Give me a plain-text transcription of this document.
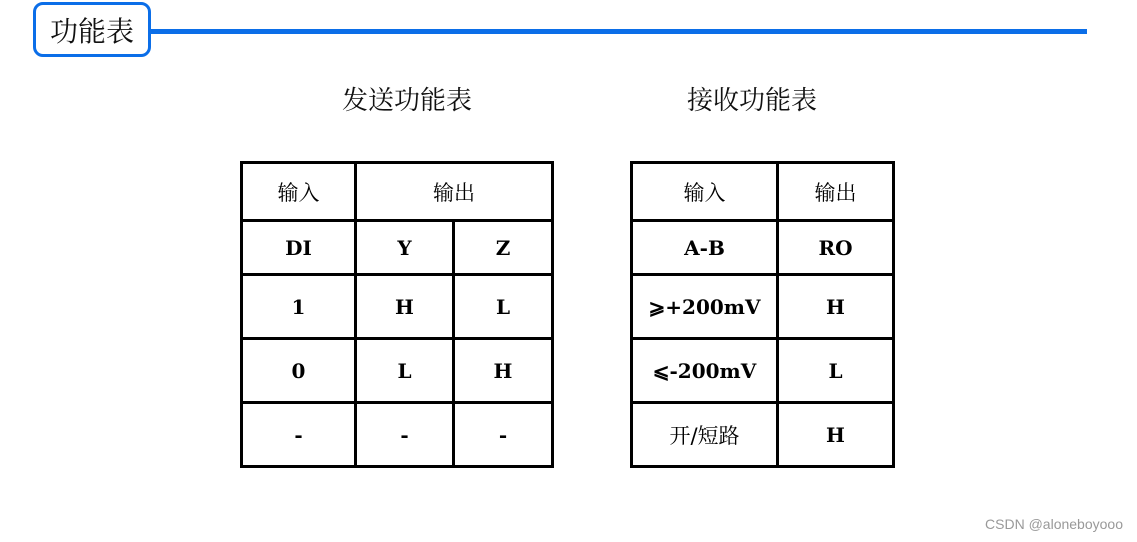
功能表
发送功能表	接收功能表
输入	输出	
DI	Y	Z
1	H	L
0	L	H
-	-	-
输入	输出
A-B	RO
⩾+200mV	H
⩽-200mV	L
开/短路	H
CSDN @aloneboyooo
